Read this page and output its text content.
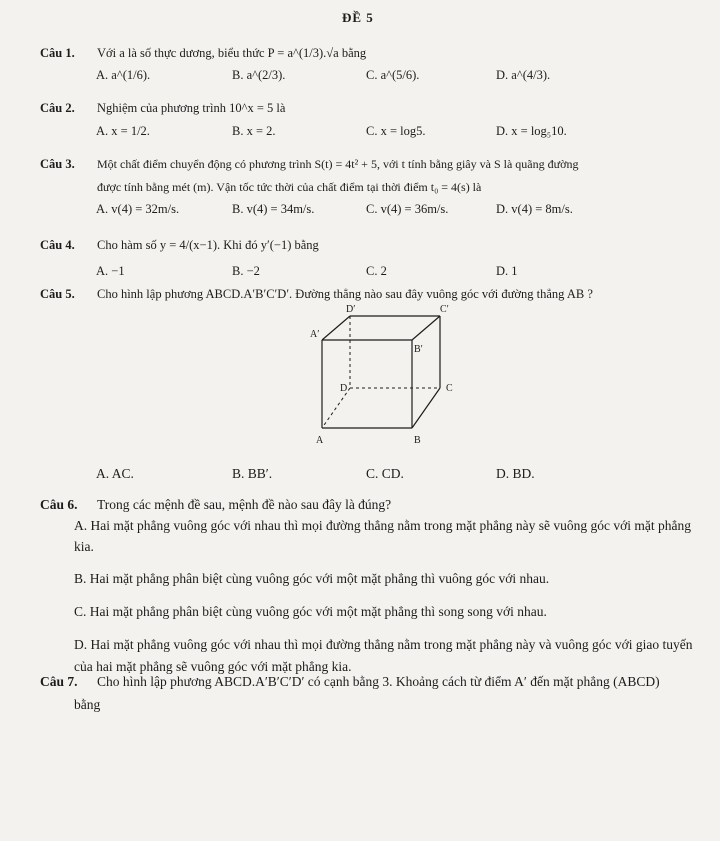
ĐỀ 5
Câu 1. Với a là số thực dương, biểu thức P = a^(1/3).√a bằng
A. a^(1/6).	B. a^(2/3).	C. a^(5/6).	D. a^(4/3).
Câu 2. Nghiệm của phương trình 10^x = 5 là
A. x = 1/2.	B. x = 2.	C. x = log5.	D. x = log₅10.
Câu 3. Một chất điểm chuyển động có phương trình S(t) = 4t² + 5, với t tính bằng giây và S là quãng đường
được tính bằng mét (m). Vận tốc tức thời của chất điểm tại thời điểm t₀ = 4(s) là
A. v(4) = 32m/s.	B. v(4) = 34m/s.	C. v(4) = 36m/s.	D. v(4) = 8m/s.
Câu 4. Cho hàm số y = 4/(x−1). Khi đó y′(−1) bằng
A. −1	B. −2	C. 2	D. 1
Câu 5. Cho hình lập phương ABCD.A′B′C′D′. Đường thẳng nào sau đây vuông góc với đường thẳng AB ?
D′	C′
A′
B′
D	C
A	B
A. AC.	B. BB′.	C. CD.	D. BD.
Câu 6. Trong các mệnh đề sau, mệnh đề nào sau đây là đúng?
A. Hai mặt phẳng vuông góc với nhau thì mọi đường thẳng nằm trong mặt phẳng này sẽ vuông góc với mặt phẳng kia.
B. Hai mặt phẳng phân biệt cùng vuông góc với một mặt phẳng thì vuông góc với nhau.
C. Hai mặt phẳng phân biệt cùng vuông góc với một mặt phẳng thì song song với nhau.
D. Hai mặt phẳng vuông góc với nhau thì mọi đường thẳng nằm trong mặt phẳng này và vuông góc với giao tuyến của hai mặt phẳng sẽ vuông góc với mặt phẳng kia.
Câu 7. Cho hình lập phương ABCD.A′B′C′D′ có cạnh bằng 3. Khoảng cách từ điểm A′ đến mặt phẳng (ABCD)
bằng
